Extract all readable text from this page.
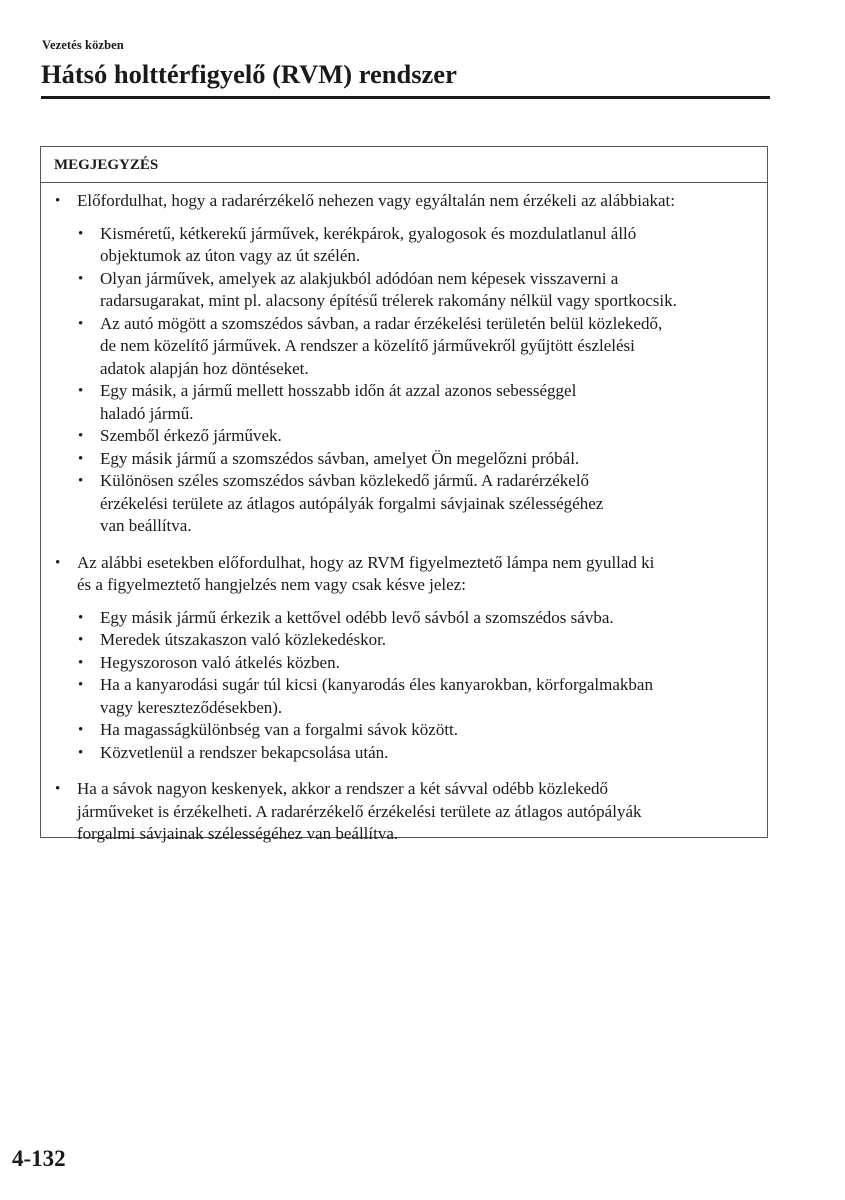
Vezetés közben
Hátsó holttérfigyelő (RVM) rendszer
MEGJEGYZÉS
• Előfordulhat, hogy a radarérzékelő nehezen vagy egyáltalán nem érzékeli az alábbiakat:
• Kisméretű, kétkerekű járművek, kerékpárok, gyalogosok és mozdulatlanul álló
objektumok az úton vagy az út szélén.
• Olyan járművek, amelyek az alakjukból adódóan nem képesek visszaverni a
radarsugarakat, mint pl. alacsony építésű trélerek rakomány nélkül vagy sportkocsik.
• Az autó mögött a szomszédos sávban, a radar érzékelési területén belül közlekedő,
de nem közelítő járművek. A rendszer a közelítő járművekről gyűjtött észlelési
adatok alapján hoz döntéseket.
• Egy másik, a jármű mellett hosszabb időn át azzal azonos sebességgel
haladó jármű.
• Szemből érkező járművek.
• Egy másik jármű a szomszédos sávban, amelyet Ön megelőzni próbál.
• Különösen széles szomszédos sávban közlekedő jármű. A radarérzékelő
érzékelési területe az átlagos autópályák forgalmi sávjainak szélességéhez
van beállítva.
• Az alábbi esetekben előfordulhat, hogy az RVM figyelmeztető lámpa nem gyullad ki
és a figyelmeztető hangjelzés nem vagy csak késve jelez:
• Egy másik jármű érkezik a kettővel odébb levő sávból a szomszédos sávba.
• Meredek útszakaszon való közlekedéskor.
• Hegyszoroson való átkelés közben.
• Ha a kanyarodási sugár túl kicsi (kanyarodás éles kanyarokban, körforgalmakban
vagy kereszteződésekben).
• Ha magasságkülönbség van a forgalmi sávok között.
• Közvetlenül a rendszer bekapcsolása után.
• Ha a sávok nagyon keskenyek, akkor a rendszer a két sávval odébb közlekedő
járműveket is érzékelheti. A radarérzékelő érzékelési területe az átlagos autópályák
forgalmi sávjainak szélességéhez van beállítva.
4-132
